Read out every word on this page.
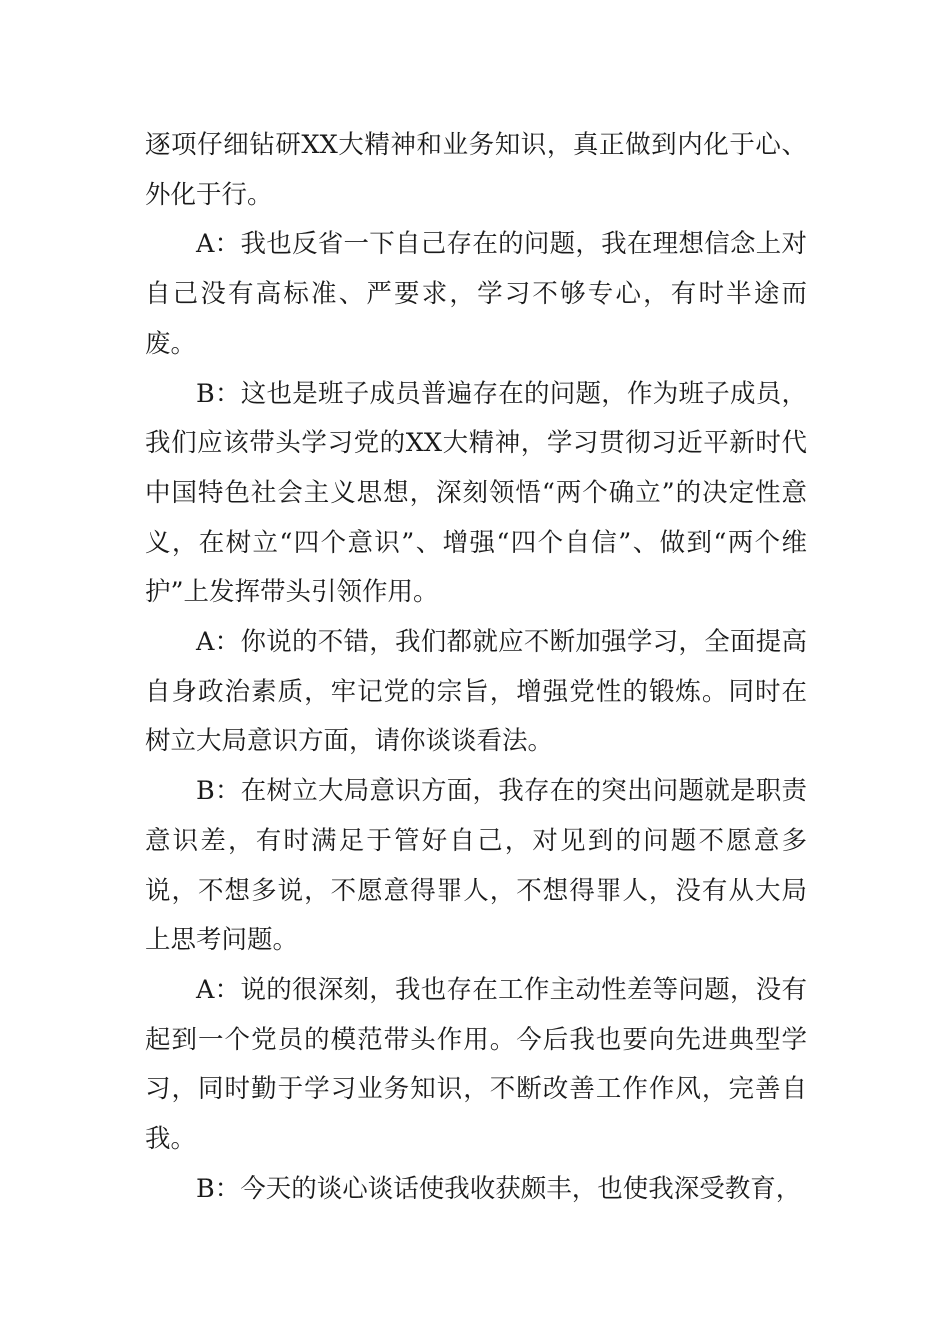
逐项仔细钻研XX大精神和业务知识，真正做到内化于心、外化于行。

A：我也反省一下自己存在的问题，我在理想信念上对自己没有高标准、严要求，学习不够专心，有时半途而废。

B：这也是班子成员普遍存在的问题，作为班子成员，我们应该带头学习党的XX大精神，学习贯彻习近平新时代中国特色社会主义思想，深刻领悟“两个确立”的决定性意义，在树立“四个意识”、增强“四个自信”、做到“两个维护”上发挥带头引领作用。

A：你说的不错，我们都就应不断加强学习，全面提高自身政治素质，牢记党的宗旨，增强党性的锻炼。同时在树立大局意识方面，请你谈谈看法。

B：在树立大局意识方面，我存在的突出问题就是职责意识差，有时满足于管好自己，对见到的问题不愿意多说，不想多说，不愿意得罪人，不想得罪人，没有从大局上思考问题。

A：说的很深刻，我也存在工作主动性差等问题，没有起到一个党员的模范带头作用。今后我也要向先进典型学习，同时勤于学习业务知识，不断改善工作作风，完善自我。

B：今天的谈心谈话使我收获颇丰，也使我深受教育，
